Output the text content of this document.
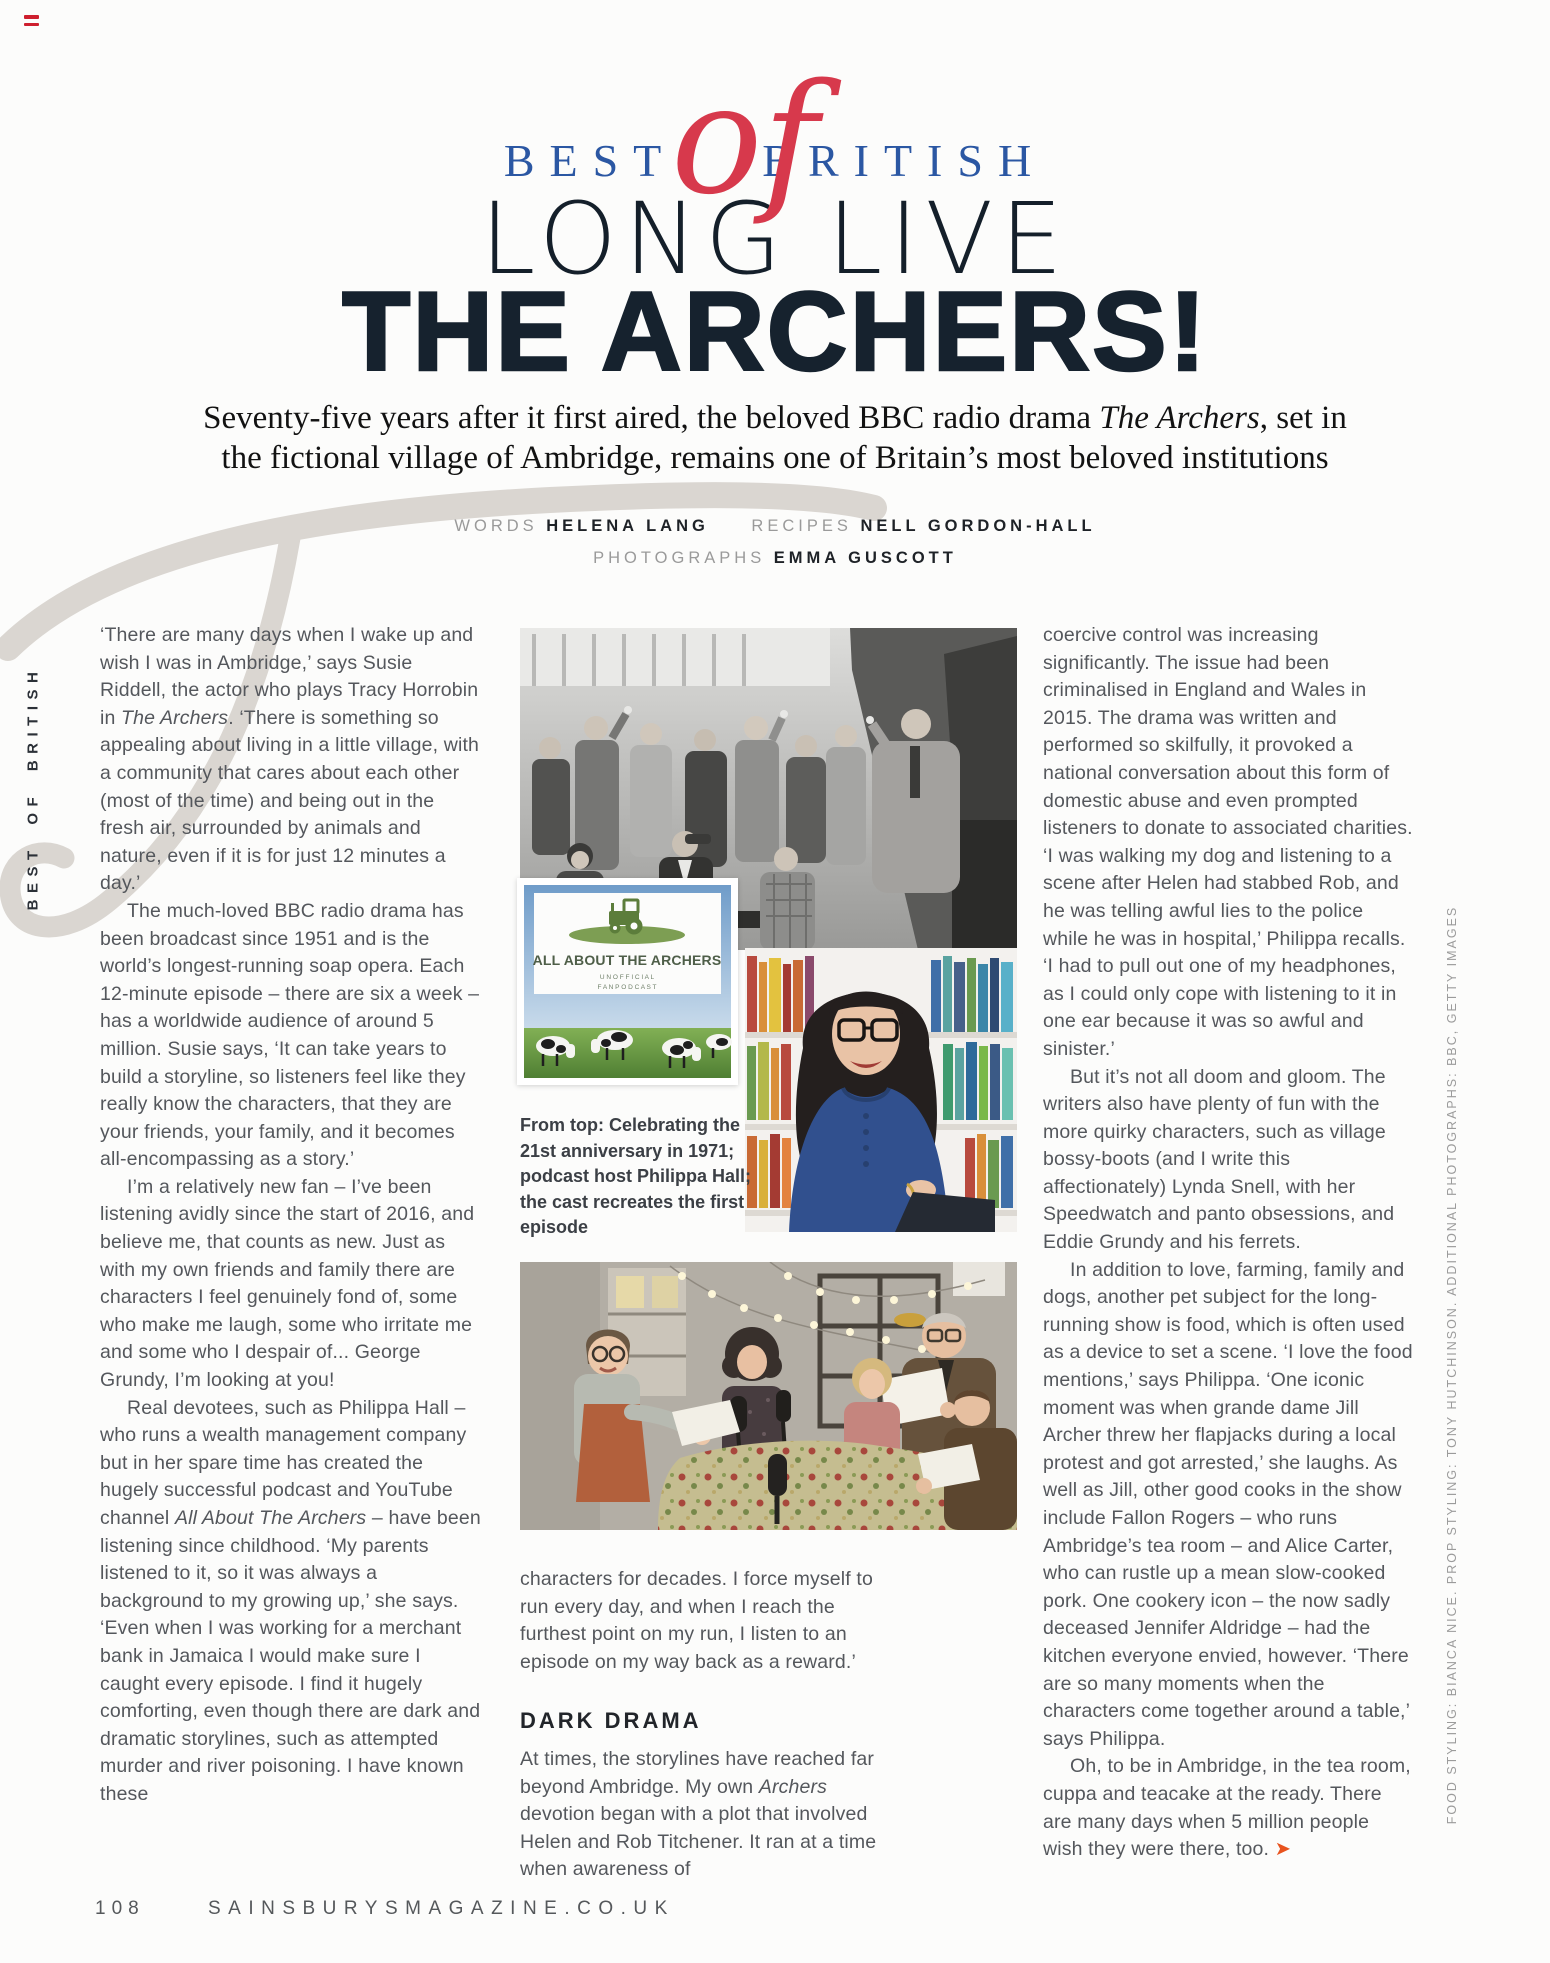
BEST OF BRITISH
FOOD STYLING: BIANCA NICE. PROP STYLING: TONY HUTCHINSON. ADDITIONAL PHOTOGRAPHS: BBC, GETTY IMAGES
BEST BRITISH
of
LONG LIVE
THE ARCHERS!

Seventy-five years after it first aired, the beloved BBC radio drama The Archers, set in

the fictional village of Ambridge, remains one of Britain’s most beloved institutions

WORDS HELENA LANG	RECIPES NELL GORDON-HALL
PHOTOGRAPHS EMMA GUSCOTT

‘There are many days when I wake up and wish I was in Ambridge,’ says Susie Riddell, the actor who plays Tracy Horrobin in The Archers. ‘There is something so appealing about living in a little village, with a community that cares about each other (most of the time) and being out in the fresh air, surrounded by animals and nature, even if it is for just 12 minutes a day.’

The much-loved BBC radio drama has been broadcast since 1951 and is the world’s longest-running soap opera. Each 12-minute episode – there are six a week – has a worldwide audience of around 5 million. Susie says, ‘It can take years to build a storyline, so listeners feel like they really know the characters, that they are your friends, your family, and it becomes all-encompassing as a story.’

I’m a relatively new fan – I’ve been listening avidly since the start of 2016, and believe me, that counts as new. Just as with my own friends and family there are characters I feel genuinely fond of, some who make me laugh, some who irritate me and some who I despair of... George Grundy, I’m looking at you!

Real devotees, such as Philippa Hall – who runs a wealth management company but in her spare time has created the hugely successful podcast and YouTube channel All About The Archers – have been listening since childhood. ‘My parents listened to it, so it was always a background to my growing up,’ she says. ‘Even when I was working for a merchant bank in Jamaica I would make sure I caught every episode. I find it hugely comforting, even though there are dark and dramatic storylines, such as attempted murder and river poisoning. I have known these

ALL ABOUT THE ARCHERS
U N O F F I C I A L
F A N P O D C A S T
From top: Celebrating the 21st anniversary in 1971; podcast host Philippa Hall; the cast recreates the first episode

characters for decades. I force myself to run every day, and when I reach the furthest point on my run, I listen to an episode on my way back as a reward.’

DARK DRAMA

At times, the storylines have reached far beyond Ambridge. My own Archers devotion began with a plot that involved Helen and Rob Titchener. It ran at a time when awareness of

coercive control was increasing significantly. The issue had been criminalised in England and Wales in 2015. The drama was written and performed so skilfully, it provoked a national conversation about this form of domestic abuse and even prompted listeners to donate to associated charities. ‘I was walking my dog and listening to a scene after Helen had stabbed Rob, and he was telling awful lies to the police while he was in hospital,’ Philippa recalls. ‘I had to pull out one of my headphones, as I could only cope with listening to it in one ear because it was so awful and sinister.’

But it’s not all doom and gloom. The writers also have plenty of fun with the more quirky characters, such as village bossy-boots (and I write this affectionately) Lynda Snell, with her Speedwatch and panto obsessions, and Eddie Grundy and his ferrets.

In addition to love, farming, family and dogs, another pet subject for the long-running show is food, which is often used as a device to set a scene. ‘I love the food mentions,’ says Philippa. ‘One iconic moment was when grande dame Jill Archer threw her flapjacks during a local protest and got arrested,’ she laughs. As well as Jill, other good cooks in the show include Fallon Rogers – who runs Ambridge’s tea room – and Alice Carter, who can rustle up a mean slow-cooked pork. One cookery icon – the now sadly deceased Jennifer Aldridge – had the kitchen everyone envied, however. ‘There are so many moments when the characters come together around a table,’ says Philippa.

Oh, to be in Ambridge, in the tea room, cuppa and teacake at the ready. There are many days when 5 million people wish they were there, too. ➤

108	SAINSBURYSMAGAZINE.CO.UK
